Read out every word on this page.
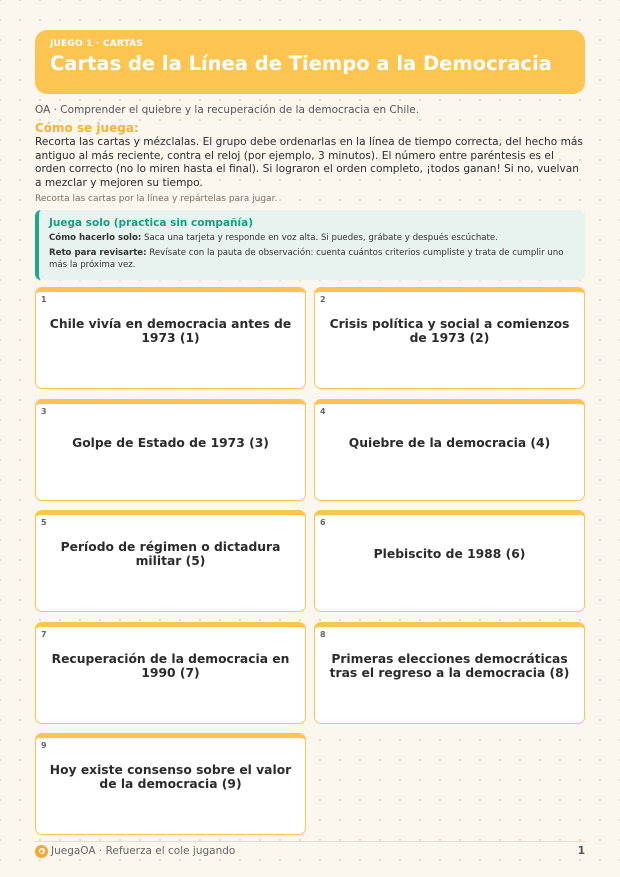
JUEGO 1 · CARTAS
Cartas de la Línea de Tiempo a la Democracia
OA · Comprender el quiebre y la recuperación de la democracia en Chile.
Cómo se juega:
Recorta las cartas y mézclalas. El grupo debe ordenarlas en la línea de tiempo correcta, del hecho más antiguo al más reciente, contra el reloj (por ejemplo, 3 minutos). El número entre paréntesis es el orden correcto (no lo miren hasta el final). Si lograron el orden completo, ¡todos ganan! Si no, vuelvan a mezclar y mejoren su tiempo.
Recorta las cartas por la línea y repártelas para jugar.
Juega solo (practica sin compañía)
Cómo hacerlo solo: Saca una tarjeta y responde en voz alta. Si puedes, grábate y después escúchate.
Reto para revisarte: Revísate con la pauta de observación: cuenta cuántos criterios cumpliste y trata de cumplir uno más la próxima vez.
1
Chile vivía en democracia antes de 1973 (1)
2
Crisis política y social a comienzos de 1973 (2)
3
Golpe de Estado de 1973 (3)
4
Quiebre de la democracia (4)
5
Período de régimen o dictadura militar (5)
6
Plebiscito de 1988 (6)
7
Recuperación de la democracia en 1990 (7)
8
Primeras elecciones democráticas tras el regreso a la democracia (8)
9
Hoy existe consenso sobre el valor de la democracia (9)
JuegaOA · Refuerza el cole jugando	1
